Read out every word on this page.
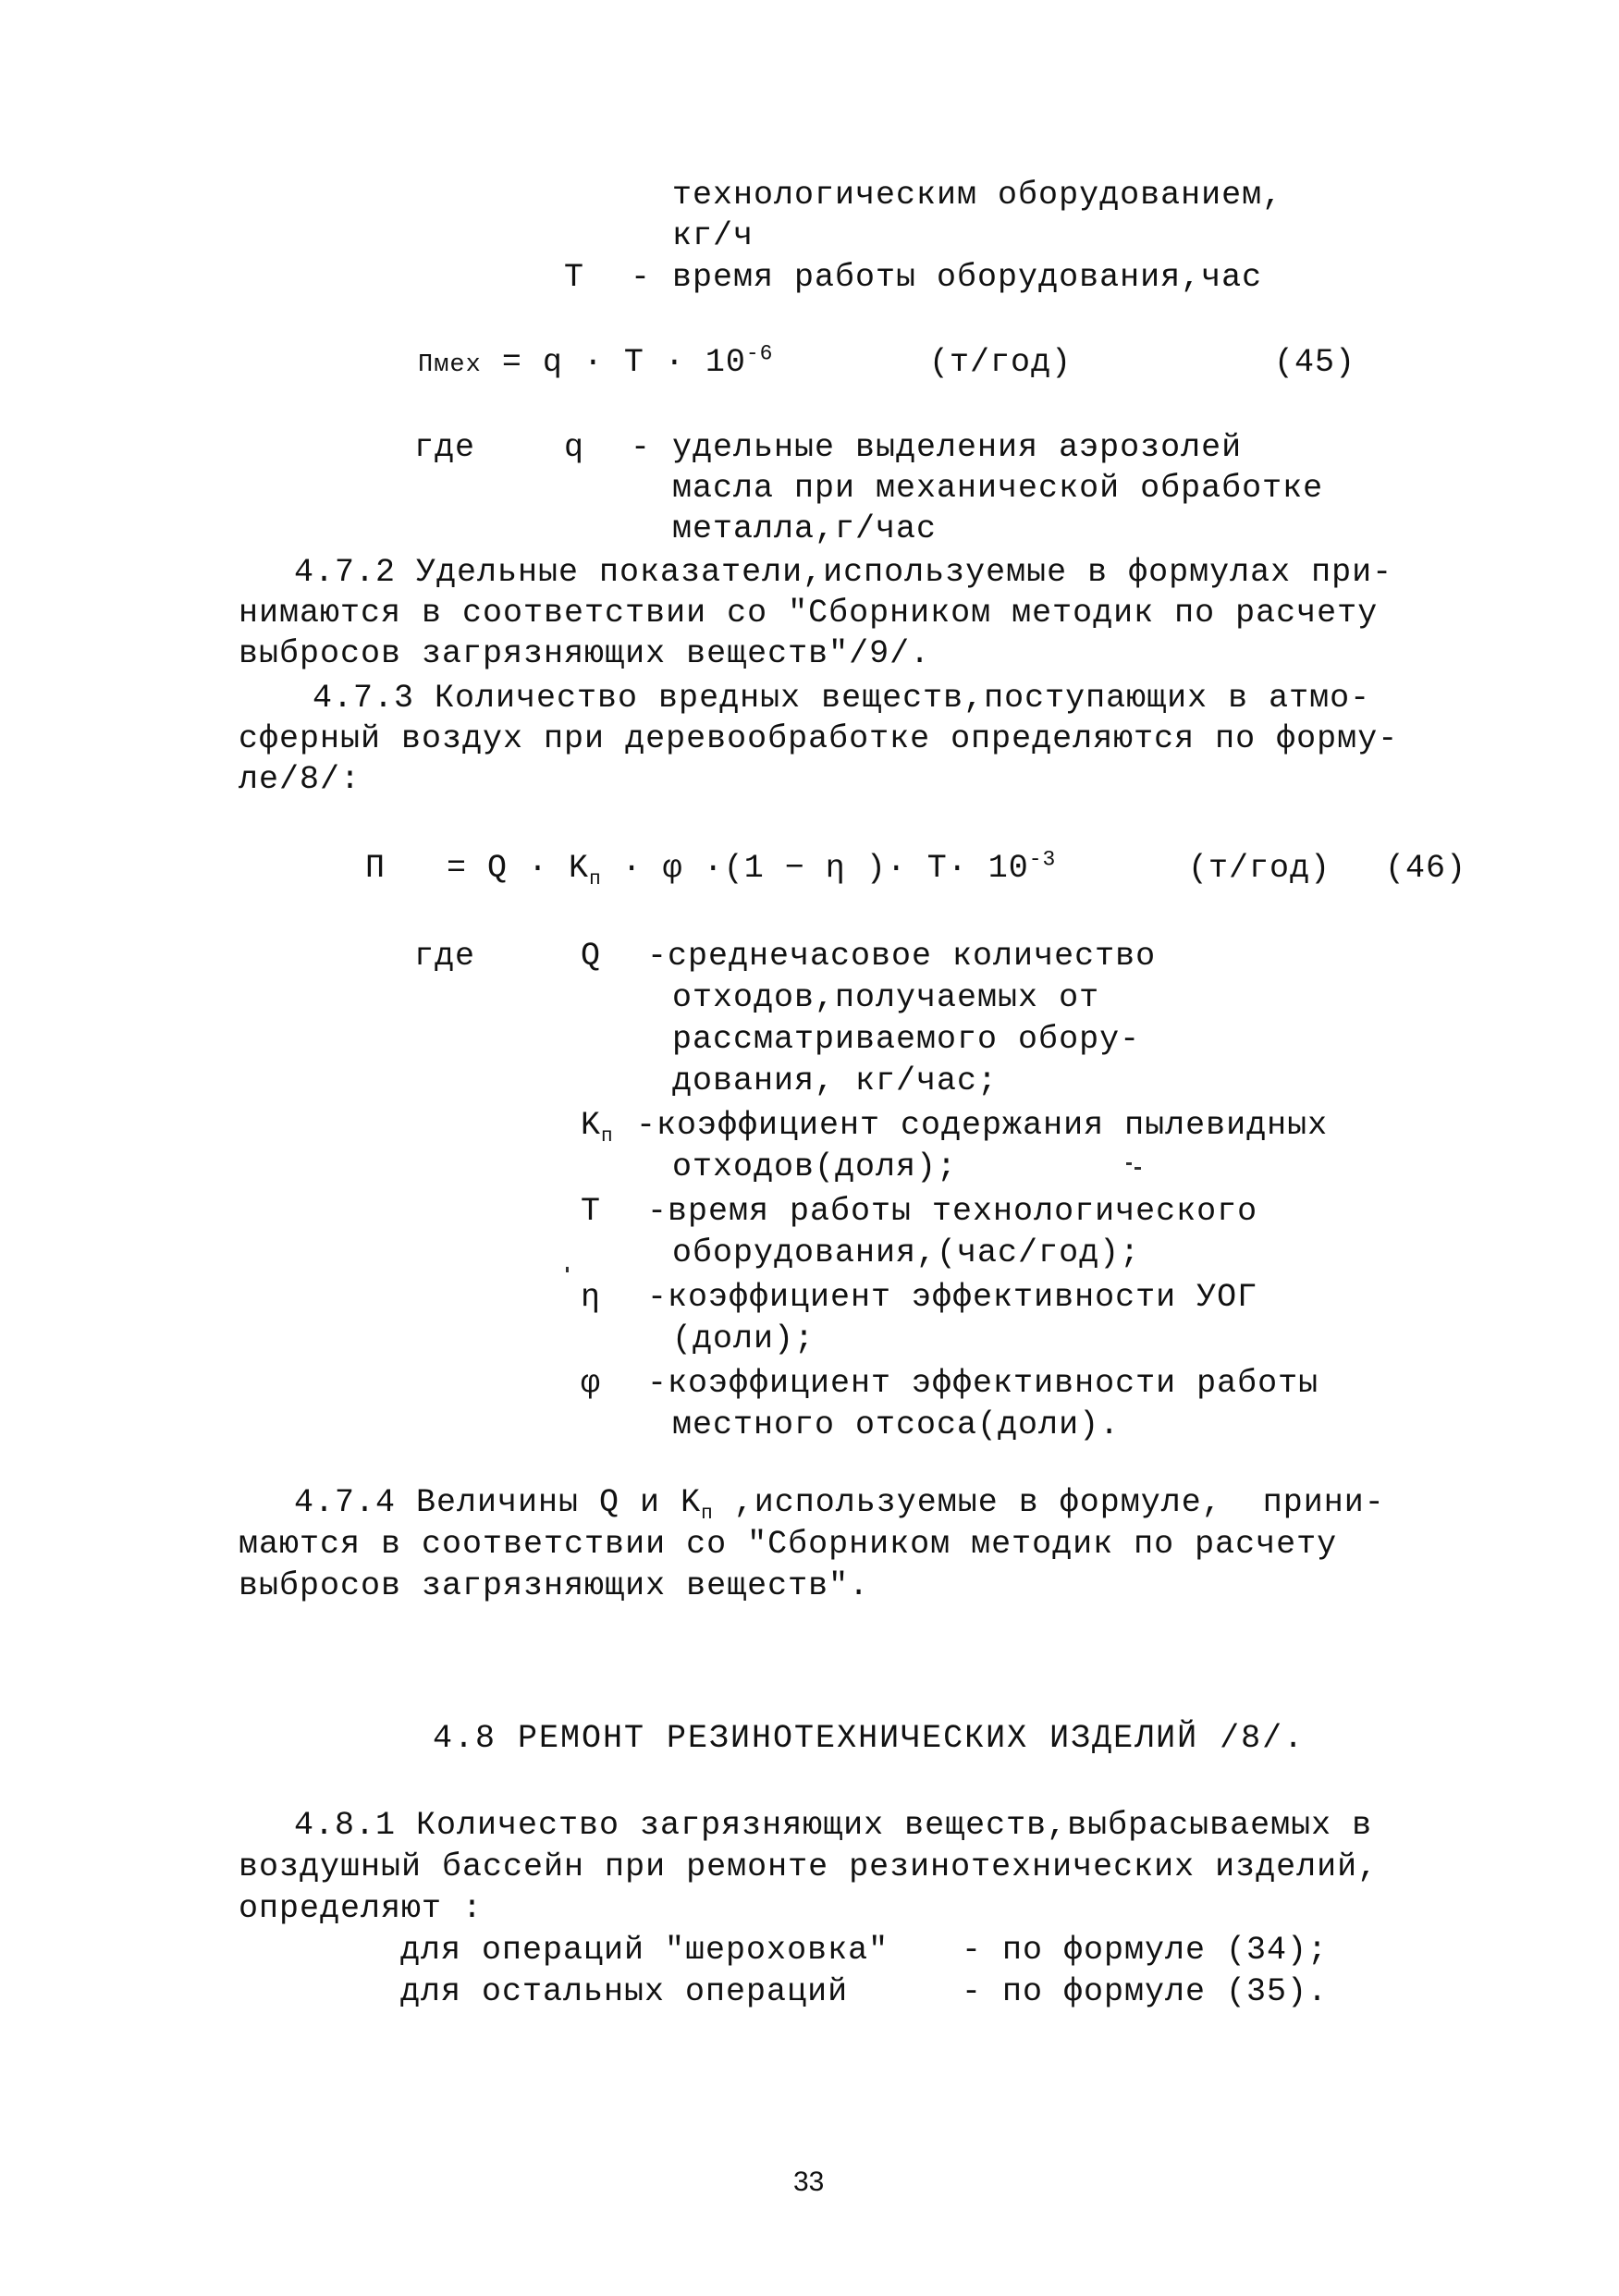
технологическим оборудованием,
кг/ч
Т - время работы оборудования,час
Пмех = $q \cdot T \cdot 10^{-6}$	(т/год)	(45)
где	q - удельные выделения аэрозолей
масла при механической обработке
металла,г/час
4.7.2 Удельные показатели,используемые в формулах при-
нимаются в соответствии со "Сборником методик по расчету
выбросов загрязняющих веществ"/9/.
4.7.3 Количество вредных веществ,поступающих в атмо-
сферный воздух при деревообработке определяются по форму-
ле/8/:
$П = Q \cdot K_п \cdot \varphi \cdot(1 - \eta$ )· $T\cdot 10^{-3}$	(т/год) (46)
где	Q -среднечасовое количество
отходов,получаемых от
рассматриваемого обору-
дования, кг/час;
$K_п$ -коэффициент содержания пылевидных
отходов(доля);
T -время работы технологического
оборудования,(час/год);
η -коэффициент эффективности УОГ
(доли);
φ -коэффициент эффективности работы
местного отсоса(доли).
4.7.4 Величины Q и $K_п$ ,используемые в формуле,  прини-
маются в соответствии со "Сборником методик по расчету
выбросов загрязняющих веществ".
4.8 РЕМОНТ РЕЗИНОТЕХНИЧЕСКИХ ИЗДЕЛИЙ /8/.
4.8.1 Количество загрязняющих веществ,выбрасываемых в
воздушный бассейн при ремонте резинотехнических изделий,
определяют :
для операций "шероховка" - по формуле (34);
для остальных операций	- по формуле (35).
33
